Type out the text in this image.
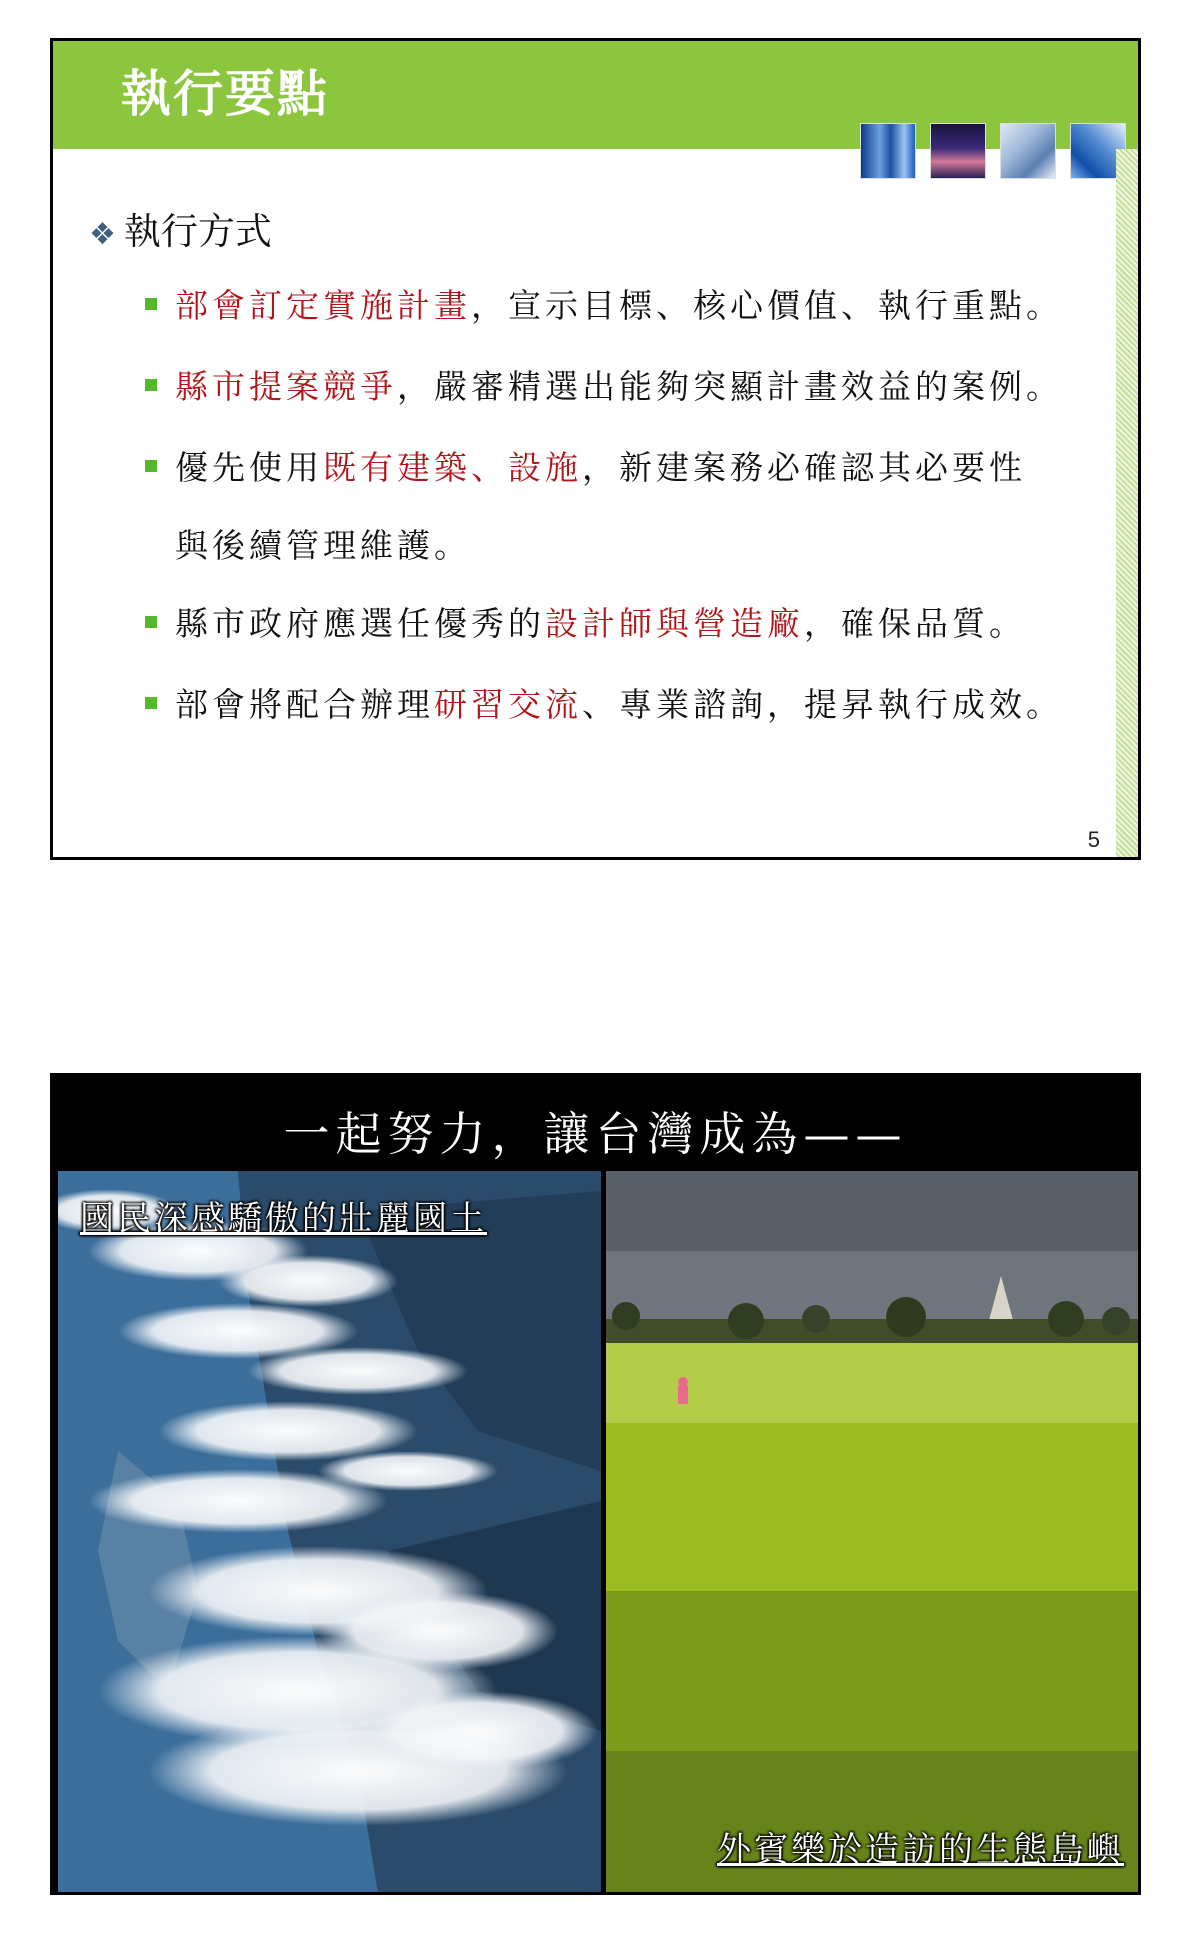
執行要點
❖ 執行方式
部會訂定實施計畫，宣示目標、核心價值、執行重點。
縣市提案競爭，嚴審精選出能夠突顯計畫效益的案例。
優先使用既有建築、設施，新建案務必確認其必要性
與後續管理維護。
縣市政府應選任優秀的設計師與營造廠，確保品質。
部會將配合辦理研習交流、專業諮詢，提昇執行成效。
5
一起努力，讓台灣成為——
國民深感驕傲的壯麗國土
外賓樂於造訪的生態島嶼
